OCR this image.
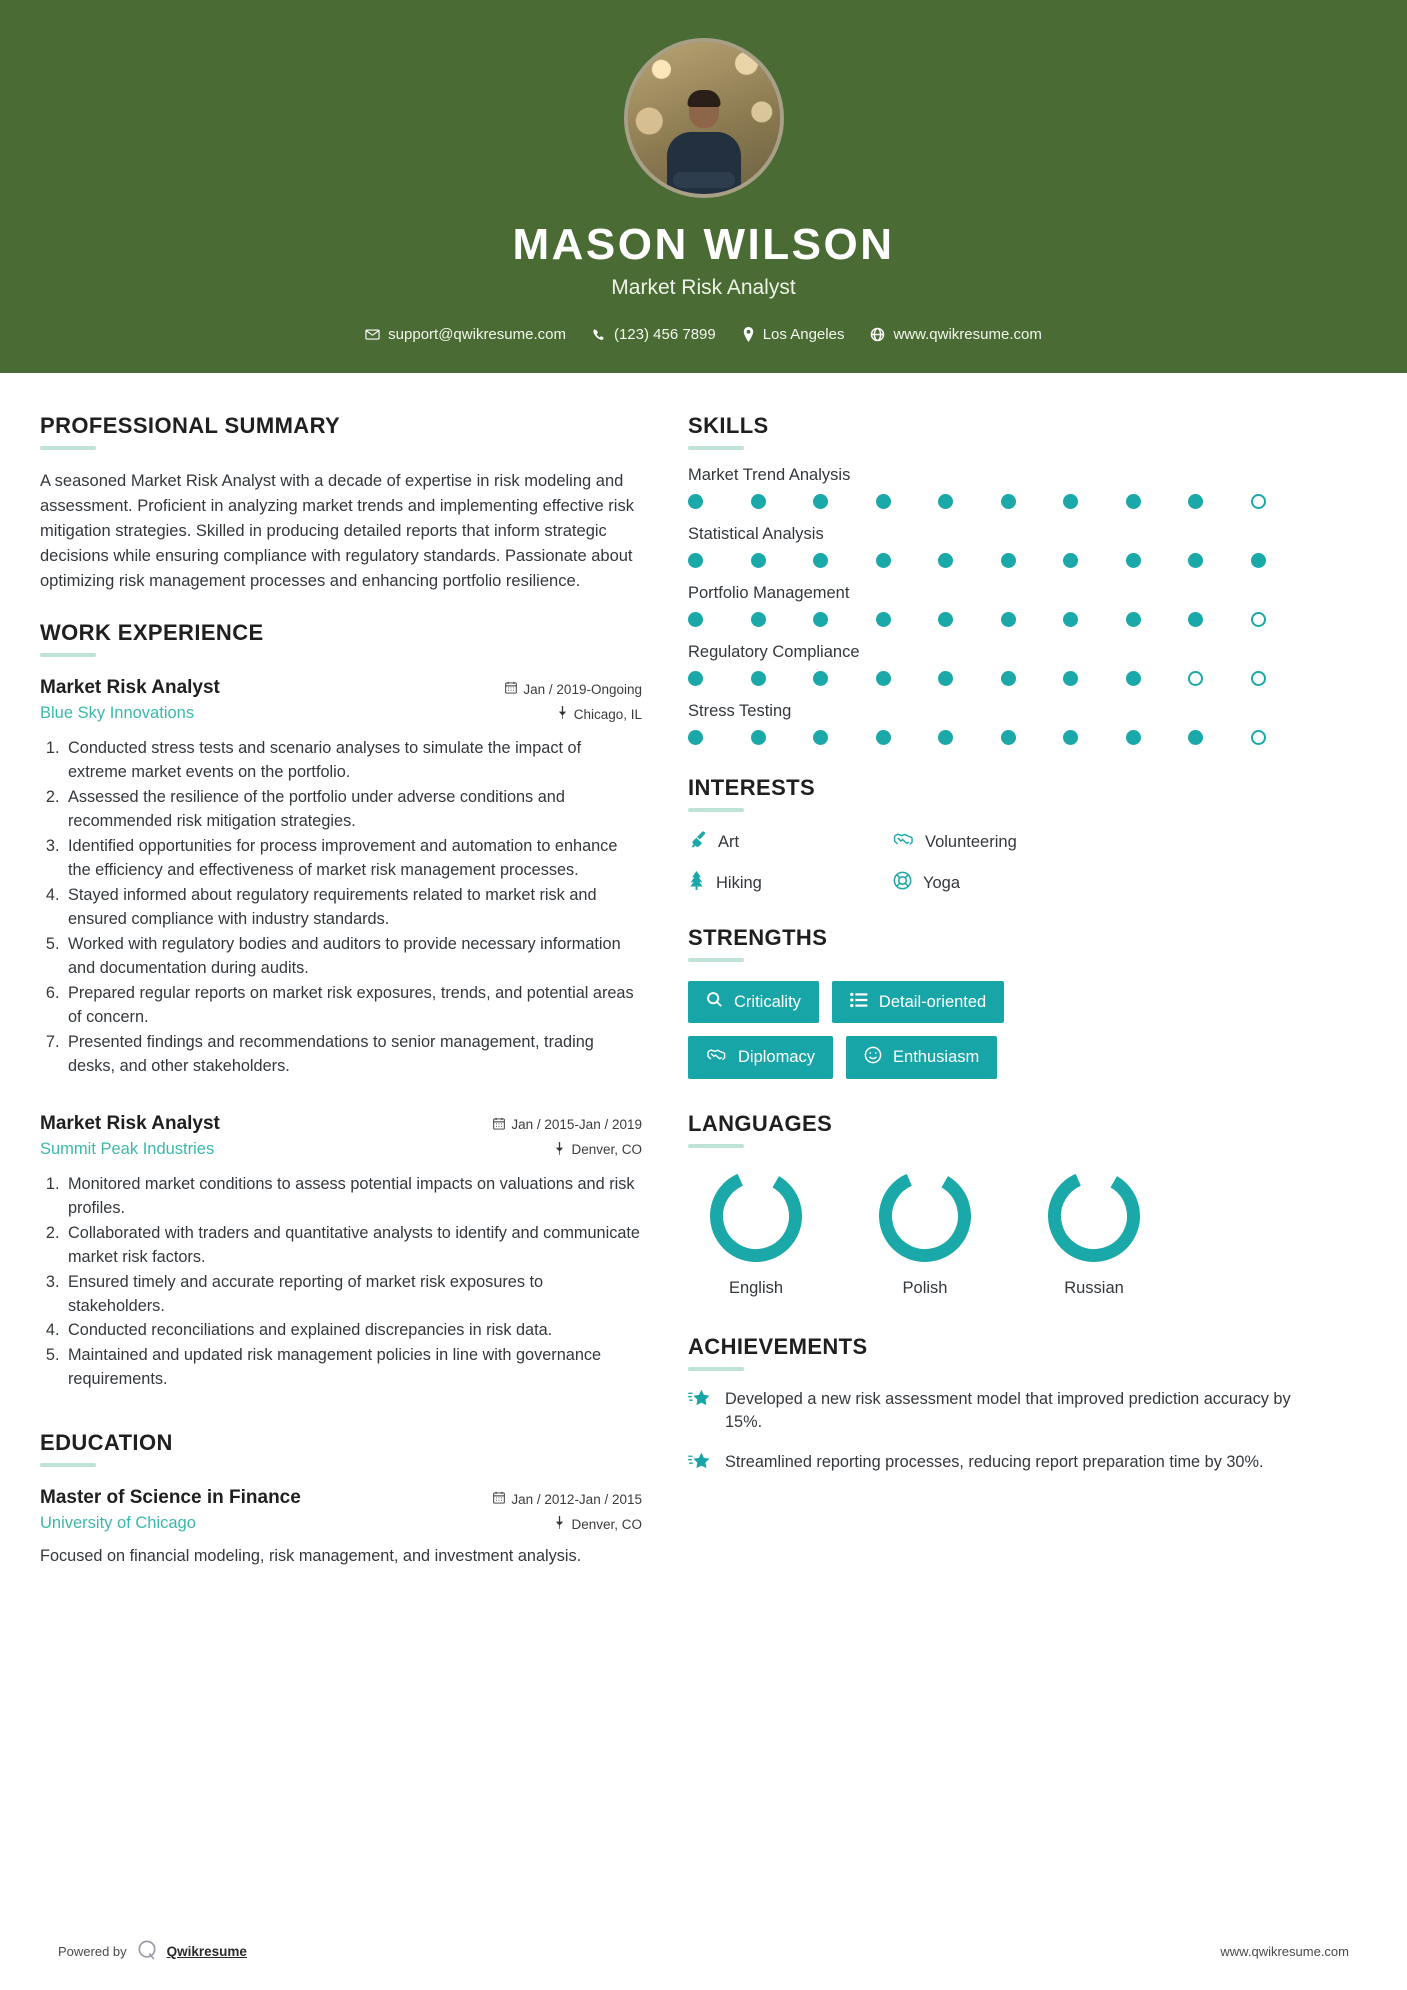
MASON WILSON
Market Risk Analyst
support@qwikresume.com	(123) 456 7899	Los Angeles	www.qwikresume.com
PROFESSIONAL SUMMARY
A seasoned Market Risk Analyst with a decade of expertise in risk modeling and assessment. Proficient in analyzing market trends and implementing effective risk mitigation strategies. Skilled in producing detailed reports that inform strategic decisions while ensuring compliance with regulatory standards. Passionate about optimizing risk management processes and enhancing portfolio resilience.
WORK EXPERIENCE
Market Risk Analyst
Blue Sky Innovations
Jan / 2019-Ongoing
Chicago, IL
1. Conducted stress tests and scenario analyses to simulate the impact of extreme market events on the portfolio.
2. Assessed the resilience of the portfolio under adverse conditions and recommended risk mitigation strategies.
3. Identified opportunities for process improvement and automation to enhance the efficiency and effectiveness of market risk management processes.
4. Stayed informed about regulatory requirements related to market risk and ensured compliance with industry standards.
5. Worked with regulatory bodies and auditors to provide necessary information and documentation during audits.
6. Prepared regular reports on market risk exposures, trends, and potential areas of concern.
7. Presented findings and recommendations to senior management, trading desks, and other stakeholders.
Market Risk Analyst
Summit Peak Industries
Jan / 2015-Jan / 2019
Denver, CO
1. Monitored market conditions to assess potential impacts on valuations and risk profiles.
2. Collaborated with traders and quantitative analysts to identify and communicate market risk factors.
3. Ensured timely and accurate reporting of market risk exposures to stakeholders.
4. Conducted reconciliations and explained discrepancies in risk data.
5. Maintained and updated risk management policies in line with governance requirements.
EDUCATION
Master of Science in Finance
University of Chicago
Jan / 2012-Jan / 2015
Denver, CO
Focused on financial modeling, risk management, and investment analysis.
SKILLS
Market Trend Analysis
Statistical Analysis
Portfolio Management
Regulatory Compliance
Stress Testing
INTERESTS
Art	Volunteering
Hiking	Yoga
STRENGTHS
Criticality	Detail-oriented
Diplomacy	Enthusiasm
LANGUAGES
English	Polish	Russian
ACHIEVEMENTS
Developed a new risk assessment model that improved prediction accuracy by 15%.
Streamlined reporting processes, reducing report preparation time by 30%.
Powered by	Qwikresume	www.qwikresume.com
